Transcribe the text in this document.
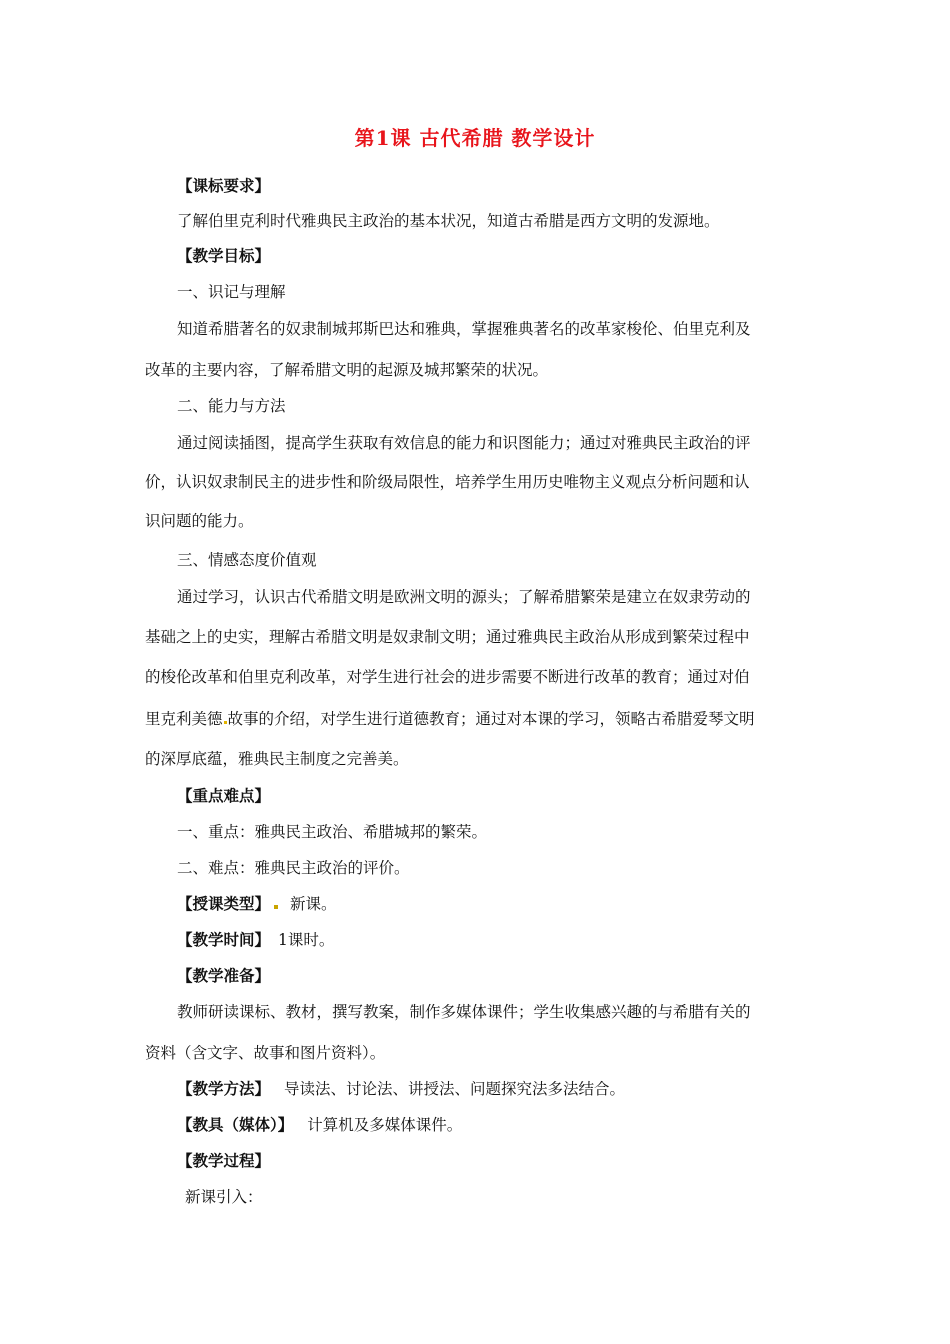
第1课 古代希腊 教学设计
【课标要求】
了解伯里克利时代雅典民主政治的基本状况，知道古希腊是西方文明的发源地。
【教学目标】
一、识记与理解
知道希腊著名的奴隶制城邦斯巴达和雅典，掌握雅典著名的改革家梭伦、伯里克利及
改革的主要内容，了解希腊文明的起源及城邦繁荣的状况。
二、能力与方法
通过阅读插图，提高学生获取有效信息的能力和识图能力；通过对雅典民主政治的评
价，认识奴隶制民主的进步性和阶级局限性，培养学生用历史唯物主义观点分析问题和认
识问题的能力。
三、情感态度价值观
通过学习，认识古代希腊文明是欧洲文明的源头；了解希腊繁荣是建立在奴隶劳动的
基础之上的史实，理解古希腊文明是奴隶制文明；通过雅典民主政治从形成到繁荣过程中
的梭伦改革和伯里克利改革，对学生进行社会的进步需要不断进行改革的教育；通过对伯
里克利美德 故事的介绍，对学生进行道德教育；通过对本课的学习，领略古希腊爱琴文明
的深厚底蕴，雅典民主制度之完善美。
【重点难点】
一、重点：雅典民主政治、希腊城邦的繁荣。
二、难点：雅典民主政治的评价。
【授课类型】 新课。
【教学时间】 1课时。
【教学准备】
教师研读课标、教材，撰写教案，制作多媒体课件；学生收集感兴趣的与希腊有关的
资料（含文字、故事和图片资料）。
【教学方法】 导读法、讨论法、讲授法、问题探究法多法结合。
【教具（媒体）】 计算机及多媒体课件。
【教学过程】
新课引入：
